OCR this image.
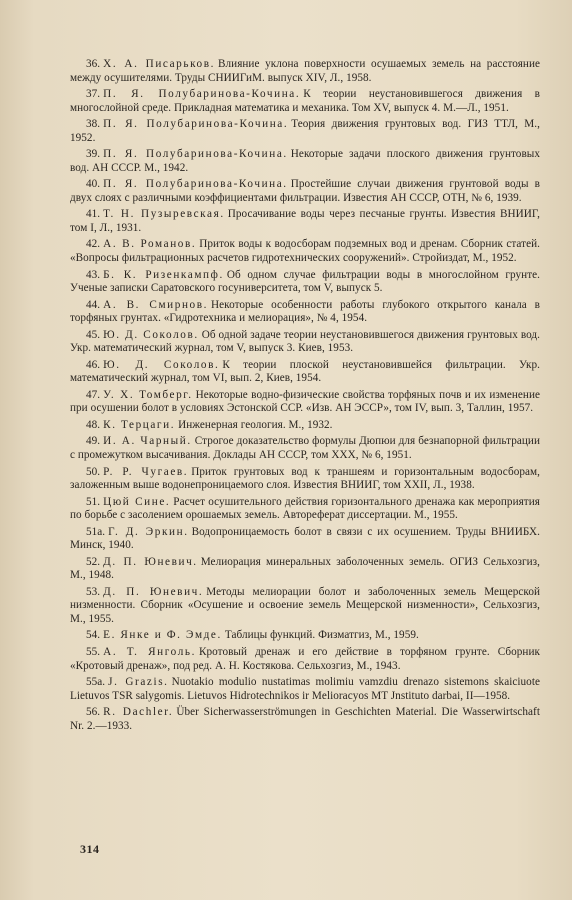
36. Х. А. Писарьков. Влияние уклона поверхности осушаемых земель на расстояние между осушителями. Труды СНИИГиМ. выпуск XIV, Л., 1958.

37. П. Я. Полубаринова-Кочина. К теории неустановившегося движения в многослойной среде. Прикладная математика и механика. Том XV, выпуск 4. М.—Л., 1951.

38. П. Я. Полубаринова-Кочина. Теория движения грунтовых вод. ГИЗ ТТЛ, М., 1952.

39. П. Я. Полубаринова-Кочина. Некоторые задачи плоского движения грунтовых вод. АН СССР. М., 1942.

40. П. Я. Полубаринова-Кочина. Простейшие случаи движения грунтовой воды в двух слоях с различными коэффициентами фильтрации. Известия АН СССР, ОТН, № 6, 1939.

41. Т. Н. Пузыревская. Просачивание воды через песчаные грунты. Известия ВНИИГ, том I, Л., 1931.

42. А. В. Романов. Приток воды к водосборам подземных вод и дренам. Сборник статей. «Вопросы фильтрационных расчетов гидротехнических сооружений». Стройиздат, М., 1952.

43. Б. К. Ризенкампф. Об одном случае фильтрации воды в многослойном грунте. Ученые записки Саратовского госуниверситета, том V, выпуск 5.

44. А. В. Смирнов. Некоторые особенности работы глубокого открытого канала в торфяных грунтах. «Гидротехника и мелиорация», № 4, 1954.

45. Ю. Д. Соколов. Об одной задаче теории неустановившегося движения грунтовых вод. Укр. математический журнал, том V, выпуск 3. Киев, 1953.

46. Ю. Д. Соколов. К теории плоской неустановившейся фильтрации. Укр. математический журнал, том VI, вып. 2, Киев, 1954.

47. У. Х. Томберг. Некоторые водно-физические свойства торфяных почв и их изменение при осушении болот в условиях Эстонской ССР. «Изв. АН ЭССР», том IV, вып. 3, Таллин, 1957.

48. К. Терцаги. Инженерная геология. М., 1932.

49. И. А. Чарный. Строгое доказательство формулы Дюпюи для безнапорной фильтрации с промежутком высачивания. Доклады АН СССР, том XXX, № 6, 1951.

50. Р. Р. Чугаев. Приток грунтовых вод к траншеям и горизонтальным водосборам, заложенным выше водонепроницаемого слоя. Известия ВНИИГ, том XXII, Л., 1938.

51. Цюй Синe. Расчет осушительного действия горизонтального дренажа как мероприятия по борьбе с засолением орошаемых земель. Автореферат диссертации. М., 1955.

51а. Г. Д. Эркин. Водопроницаемость болот в связи с их осушением. Труды ВНИИБХ. Минск, 1940.

52. Д. П. Юневич. Мелиорация минеральных заболоченных земель. ОГИЗ Сельхозгиз, М., 1948.

53. Д. П. Юневич. Методы мелиорации болот и заболоченных земель Мещерской низменности. Сборник «Осушение и освоение земель Мещерской низменности», Сельхозгиз, М., 1955.

54. Е. Янке и Ф. Эмде. Таблицы функций. Физматгиз, М., 1959.

55. А. Т. Янголь. Кротовый дренаж и его действие в торфяном грунте. Сборник «Кротовый дренаж», под ред. А. Н. Костякова. Сельхозгиз, М., 1943.

55а. J. Grazis. Nuotakio modulio nustatimas molimiu vamzdiu drenazo sistemons skaiciuote Lietuvos TSR salygomis. Lietuvos Hidrotechnikos ir Melioracyos MT Jnstituto darbai, II—1958.

56. R. Dachler. Über Sicherwasserströmungen in Geschichten Material. Die Wasserwirtschaft Nr. 2.—1933.

314
